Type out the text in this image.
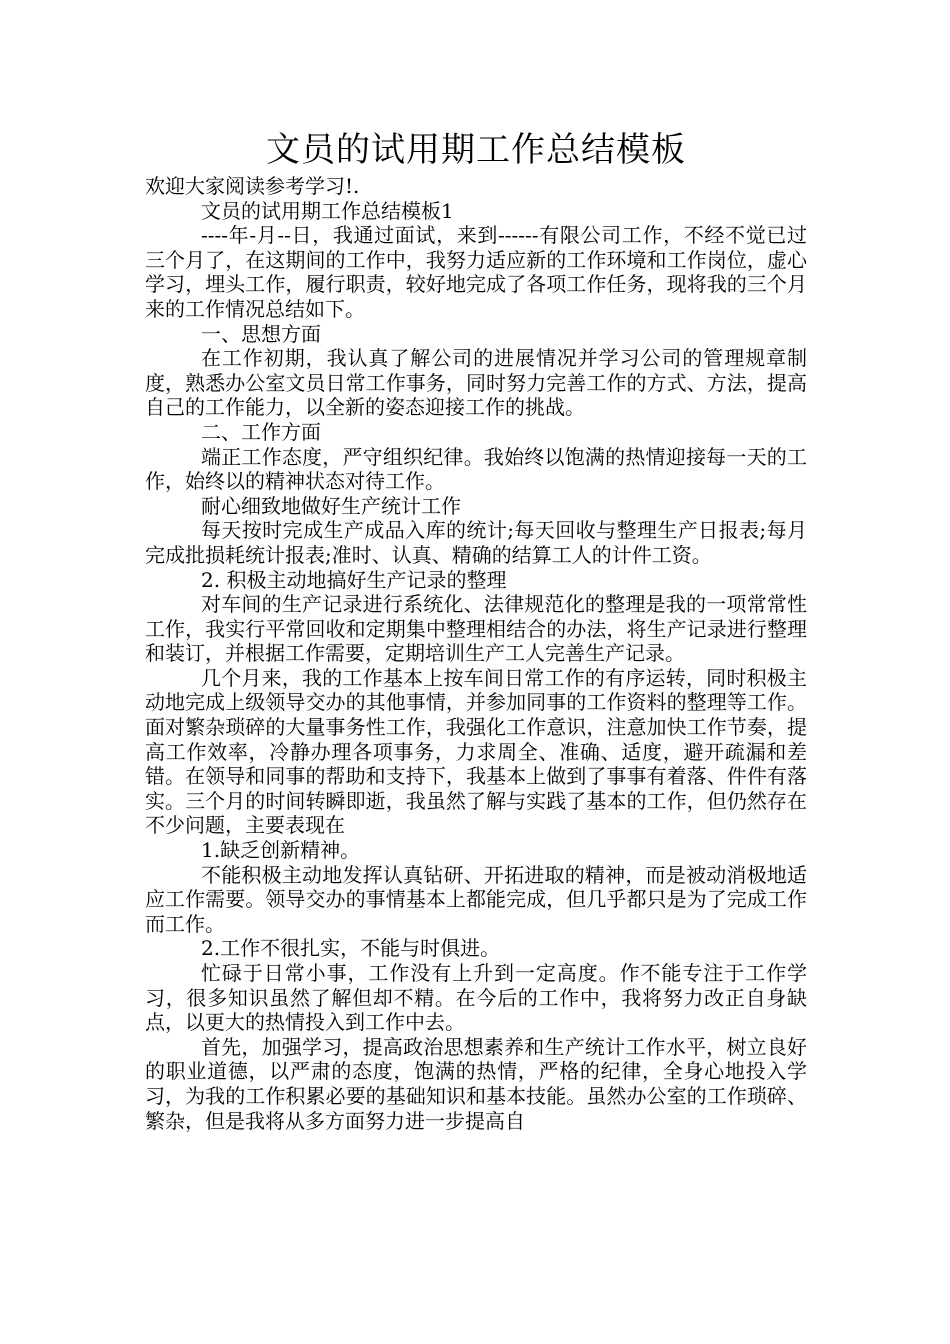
文员的试用期工作总结模板

欢迎大家阅读参考学习!.

文员的试用期工作总结模板1

----年-月--日，我通过面试，来到------有限公司工作，不经不觉已过三个月了，在这期间的工作中，我努力适应新的工作环境和工作岗位，虚心学习，埋头工作，履行职责，较好地完成了各项工作任务，现将我的三个月来的工作情况总结如下。

一、思想方面

在工作初期，我认真了解公司的进展情况并学习公司的管理规章制度，熟悉办公室文员日常工作事务，同时努力完善工作的方式、方法，提高自己的工作能力，以全新的姿态迎接工作的挑战。

二、工作方面

端正工作态度，严守组织纪律。我始终以饱满的热情迎接每一天的工作，始终以的精神状态对待工作。

耐心细致地做好生产统计工作

每天按时完成生产成品入库的统计;每天回收与整理生产日报表;每月完成批损耗统计报表;准时、认真、精确的结算工人的计件工资。

2. 积极主动地搞好生产记录的整理

对车间的生产记录进行系统化、法律规范化的整理是我的一项常常性工作，我实行平常回收和定期集中整理相结合的办法，将生产记录进行整理和装订，并根据工作需要，定期培训生产工人完善生产记录。

几个月来，我的工作基本上按车间日常工作的有序运转，同时积极主动地完成上级领导交办的其他事情，并参加同事的工作资料的整理等工作。面对繁杂琐碎的大量事务性工作，我强化工作意识，注意加快工作节奏，提高工作效率，冷静办理各项事务，力求周全、准确、适度，避开疏漏和差错。在领导和同事的帮助和支持下，我基本上做到了事事有着落、件件有落实。三个月的时间转瞬即逝，我虽然了解与实践了基本的工作，但仍然存在不少问题，主要表现在

1.缺乏创新精神。

不能积极主动地发挥认真钻研、开拓进取的精神，而是被动消极地适应工作需要。领导交办的事情基本上都能完成，但几乎都只是为了完成工作而工作。

2.工作不很扎实，不能与时俱进。

忙碌于日常小事，工作没有上升到一定高度。作不能专注于工作学习，很多知识虽然了解但却不精。在今后的工作中，我将努力改正自身缺点，以更大的热情投入到工作中去。

首先，加强学习，提高政治思想素养和生产统计工作水平，树立良好的职业道德，以严肃的态度，饱满的热情，严格的纪律，全身心地投入学习，为我的工作积累必要的基础知识和基本技能。虽然办公室的工作琐碎、繁杂，但是我将从多方面努力进一步提高自
